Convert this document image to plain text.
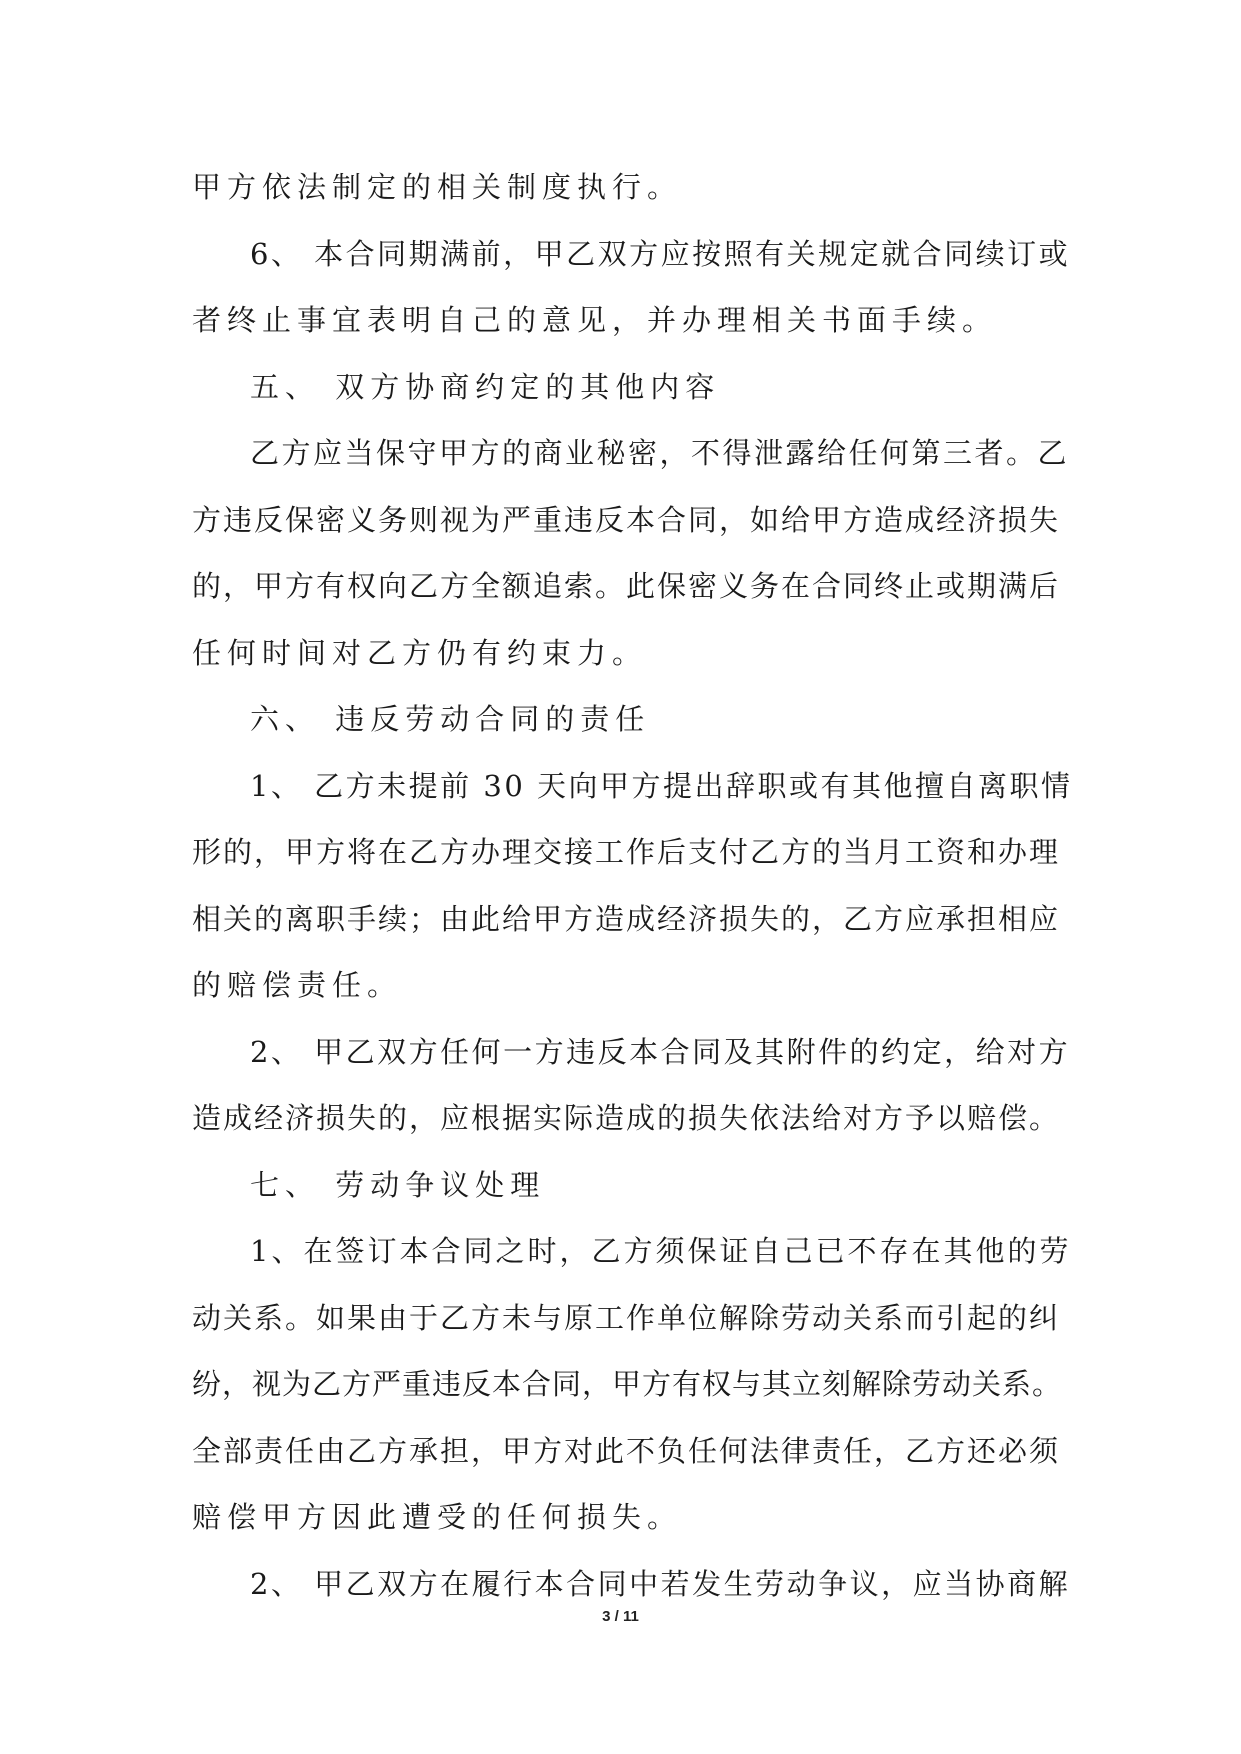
甲方依法制定的相关制度执行。
6、 本合同期满前，甲乙双方应按照有关规定就合同续订或
者终止事宜表明自己的意见，并办理相关书面手续。
五、 双方协商约定的其他内容
乙方应当保守甲方的商业秘密，不得泄露给任何第三者。乙
方违反保密义务则视为严重违反本合同，如给甲方造成经济损失
的，甲方有权向乙方全额追索。此保密义务在合同终止或期满后
任何时间对乙方仍有约束力。
六、 违反劳动合同的责任
1、 乙方未提前 30 天向甲方提出辞职或有其他擅自离职情
形的，甲方将在乙方办理交接工作后支付乙方的当月工资和办理
相关的离职手续；由此给甲方造成经济损失的，乙方应承担相应
的赔偿责任。
2、 甲乙双方任何一方违反本合同及其附件的约定，给对方
造成经济损失的，应根据实际造成的损失依法给对方予以赔偿。
七、 劳动争议处理
1、在签订本合同之时，乙方须保证自己已不存在其他的劳
动关系。如果由于乙方未与原工作单位解除劳动关系而引起的纠
纷，视为乙方严重违反本合同，甲方有权与其立刻解除劳动关系。
全部责任由乙方承担，甲方对此不负任何法律责任，乙方还必须
赔偿甲方因此遭受的任何损失。
2、 甲乙双方在履行本合同中若发生劳动争议，应当协商解
3 / 11
